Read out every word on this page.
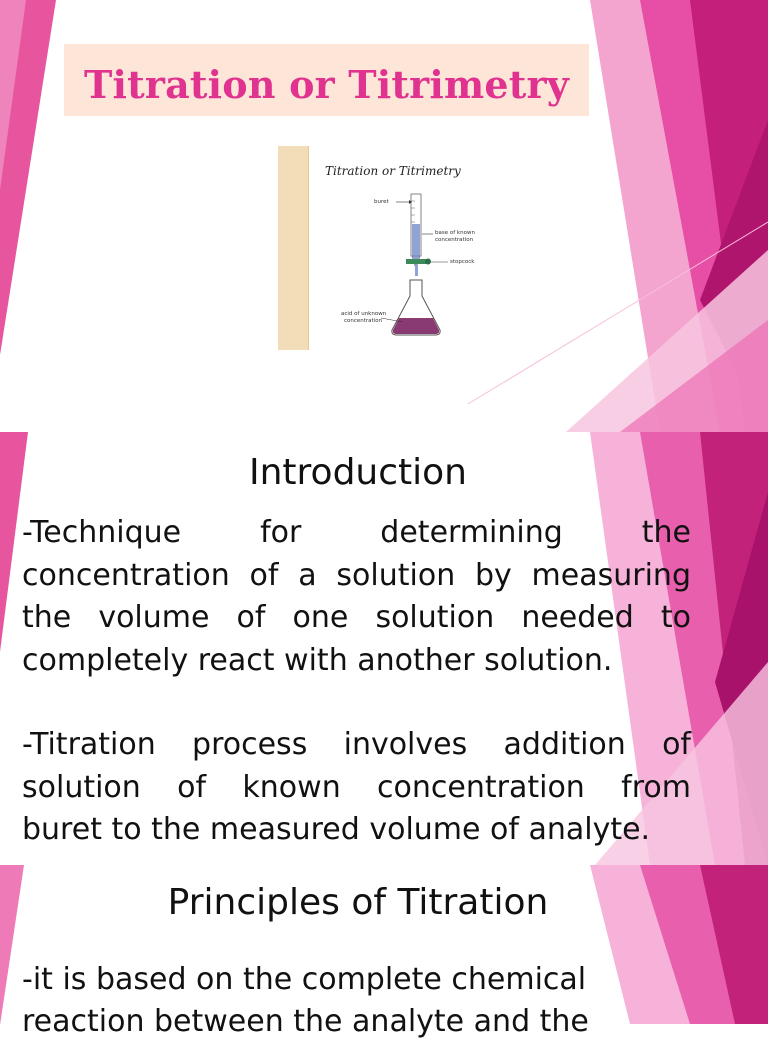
Titration or Titrimetry
Titration or Titrimetry
buret
base of known
concentration
stopcock
acid of unknown
concentration
Introduction
-Technique for determining the
concentration of a solution by measuring
the volume of one solution needed to
completely react with another solution.
-Titration process involves addition of
solution of known concentration from
buret to the measured volume of analyte.
Principles of Titration
-it is based on the complete chemical
reaction between the analyte and the
